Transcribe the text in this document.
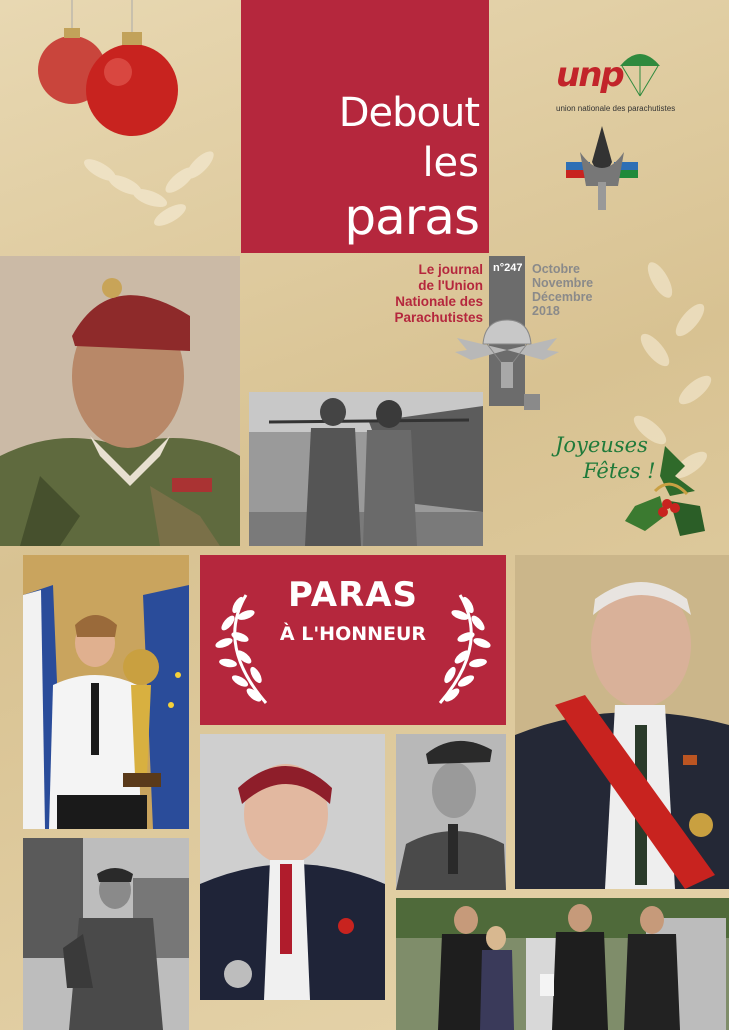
Debout
les
paras
unp
union nationale des parachutistes
Le journal
de l'Union
Nationale des
Parachutistes
n°247 Octobre
Novembre
Décembre
2018
Joyeuses
Fêtes !
PARAS
À L'HONNEUR
